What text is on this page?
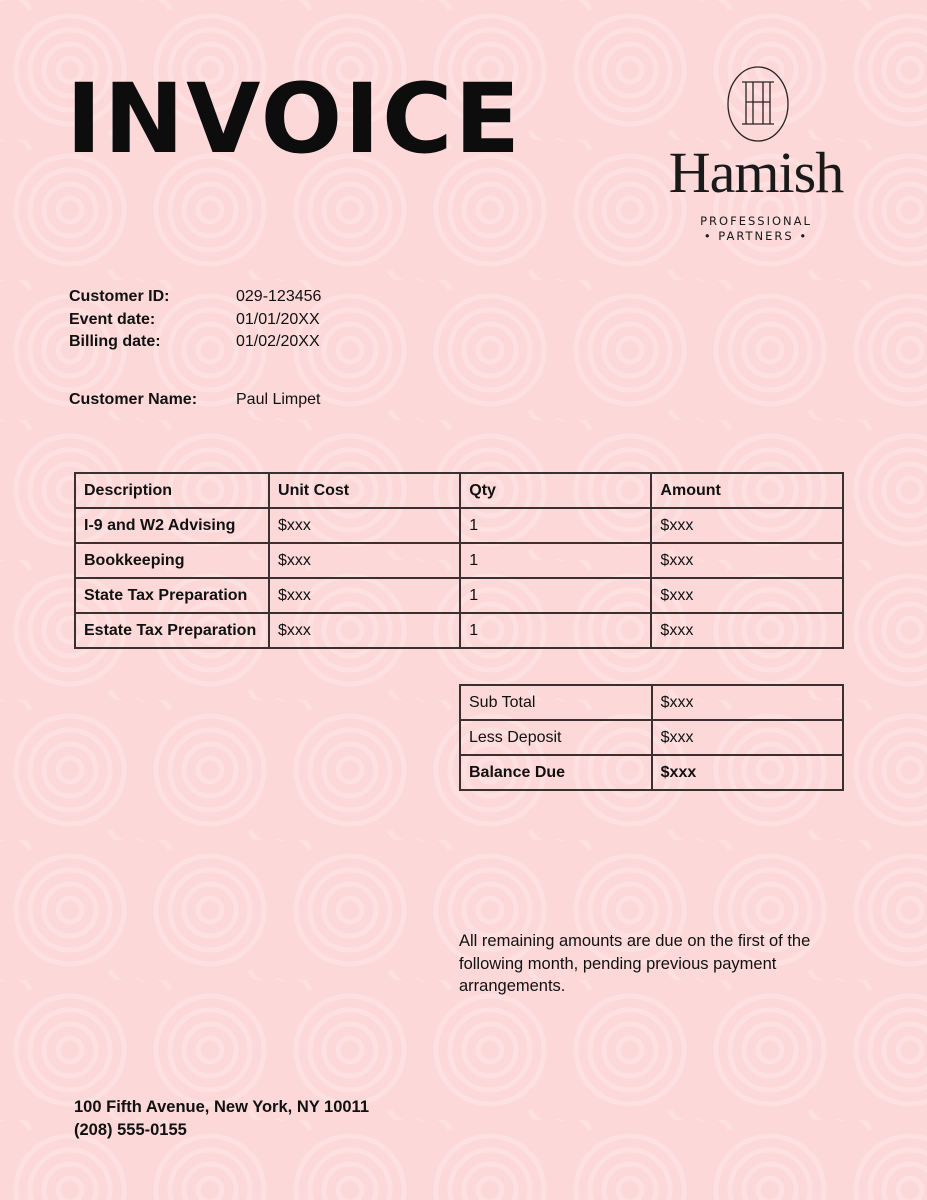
INVOICE	Hamish
PROFESSIONAL
• PARTNERS •
Customer ID:	029-123456
Event date:	01/01/20XX
Billing date:	01/02/20XX
Customer Name:	Paul Limpet
Description	Unit Cost	Qty	Amount
I-9 and W2 Advising	$xxx	1	$xxx
Bookkeeping	$xxx	1	$xxx
State Tax Preparation	$xxx	1	$xxx
Estate Tax Preparation	$xxx	1	$xxx
Sub Total	$xxx
Less Deposit	$xxx
Balance Due	$xxx
All remaining amounts are due on the first of the following month, pending previous payment arrangements.
100 Fifth Avenue, New York, NY 10011
(208) 555-0155
